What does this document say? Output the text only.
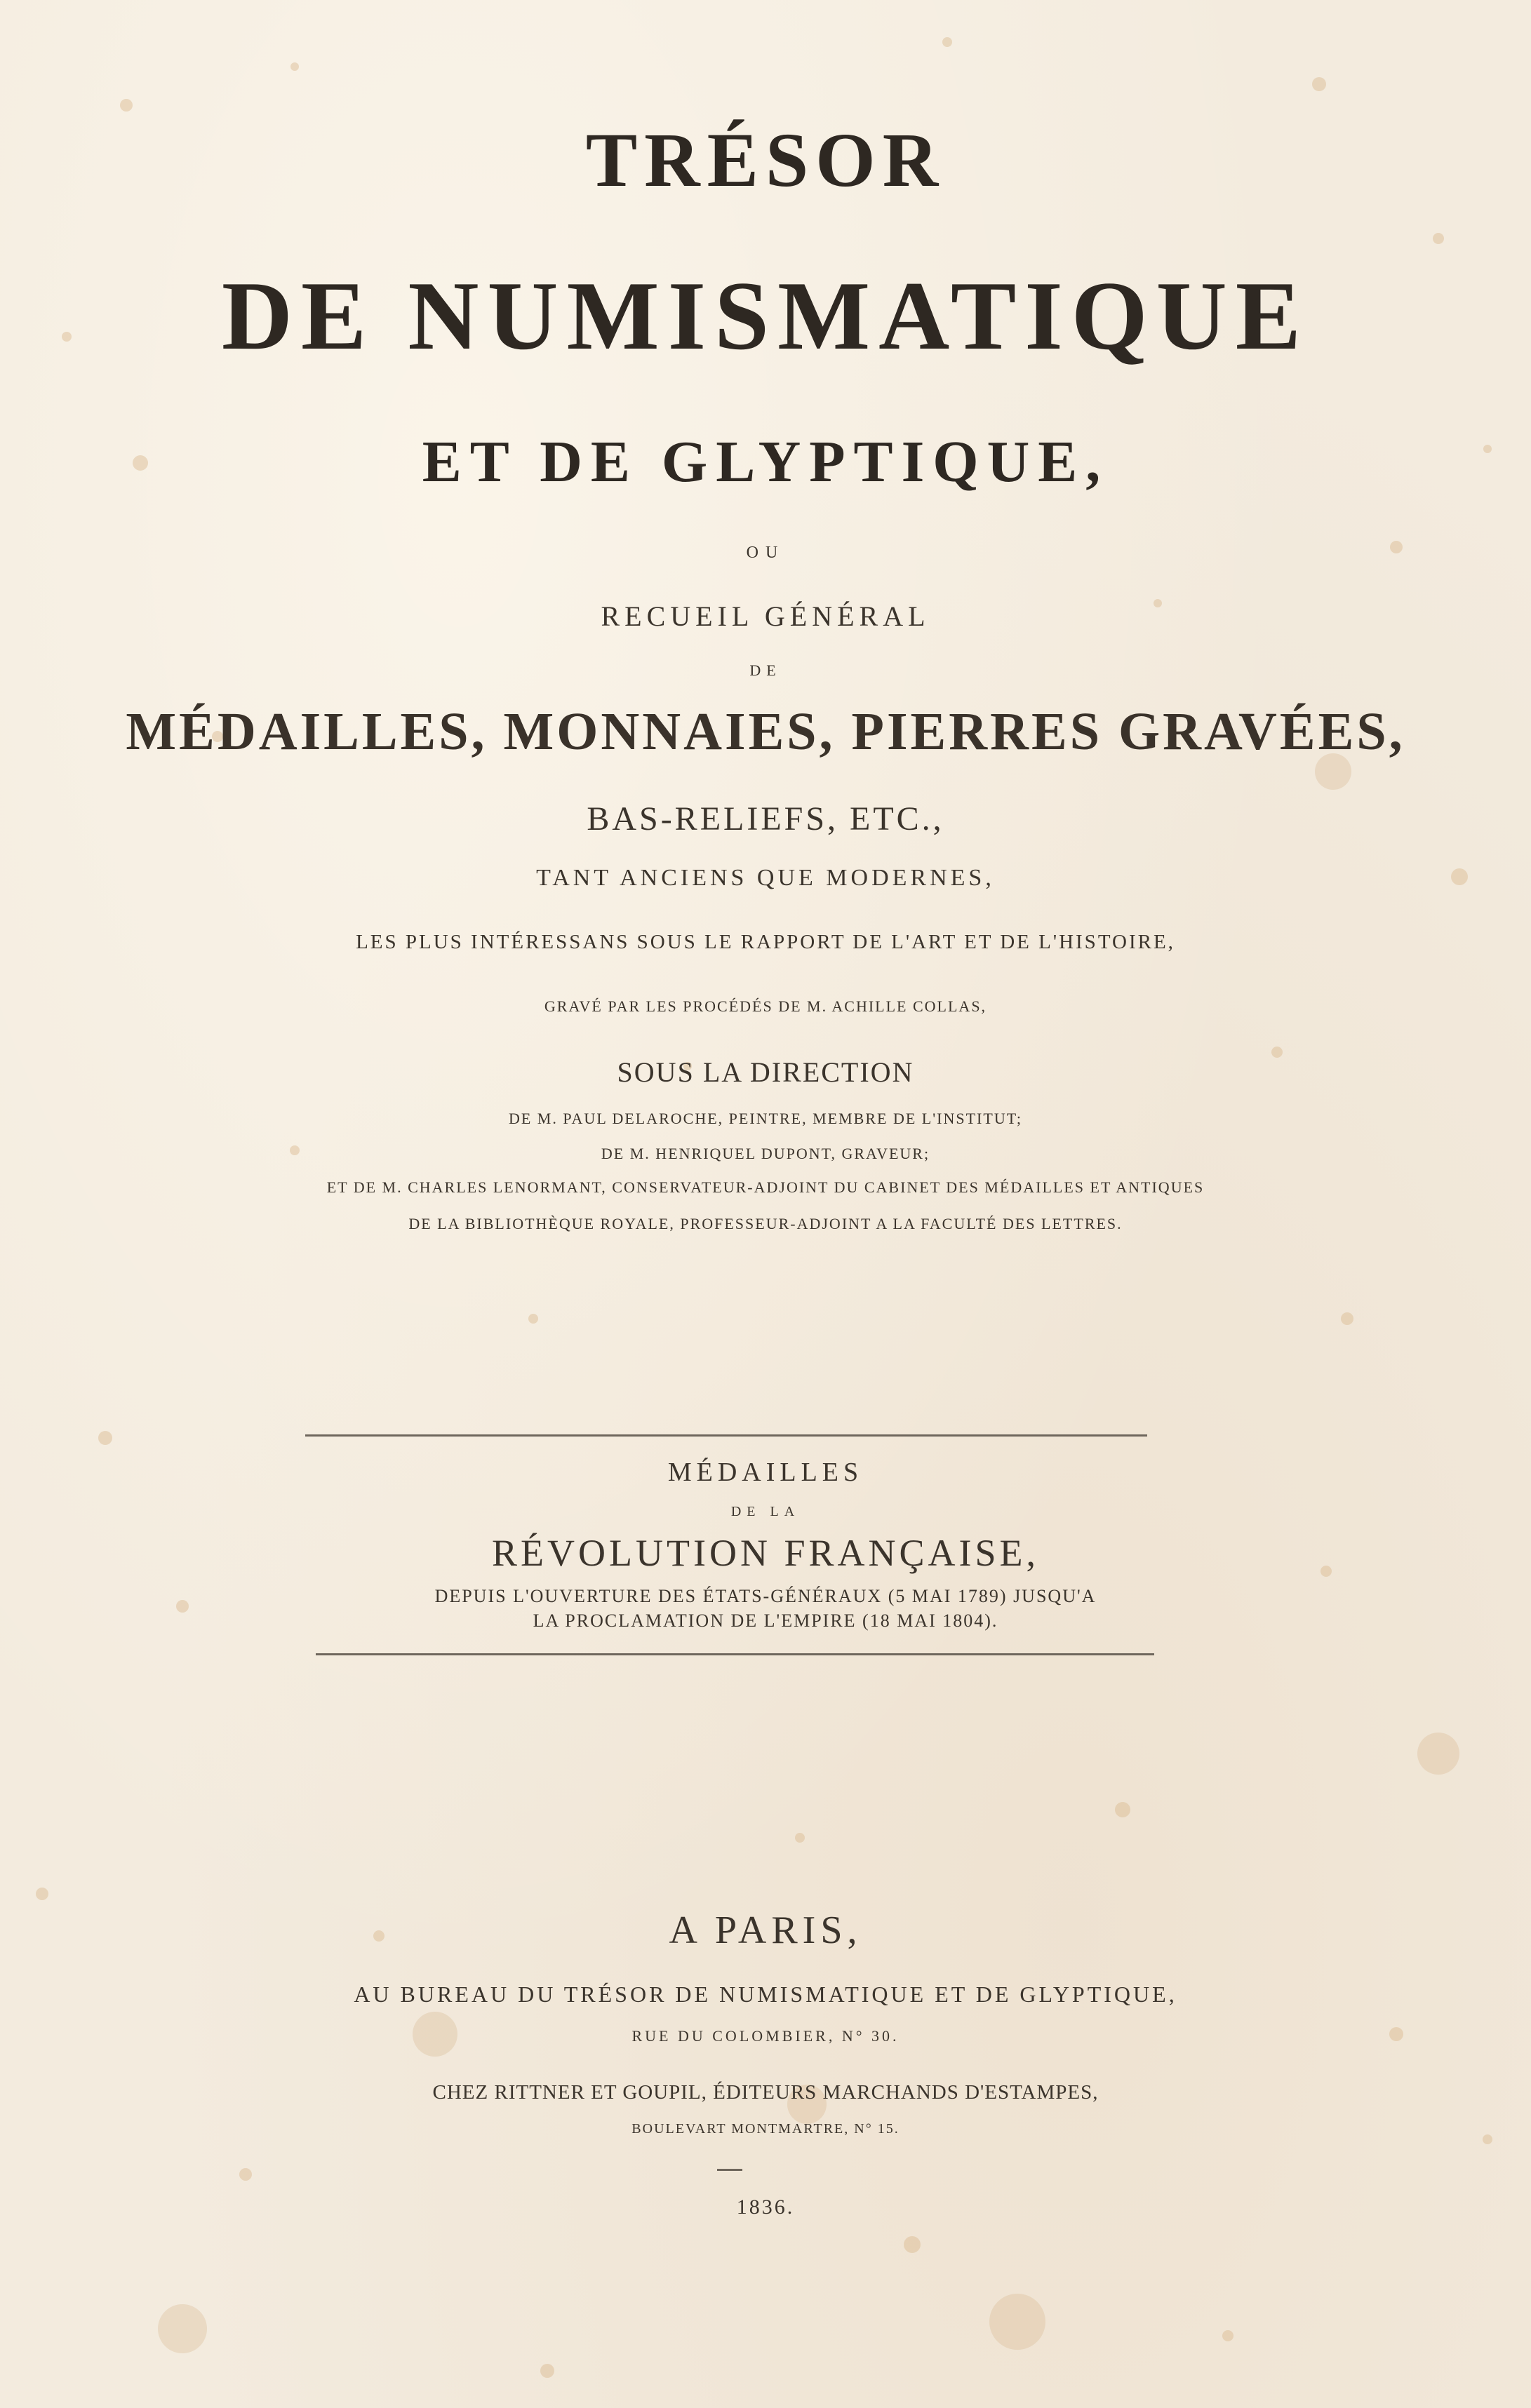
TRÉSOR
DE NUMISMATIQUE
ET DE GLYPTIQUE,
OU
RECUEIL GÉNÉRAL
DE
MÉDAILLES, MONNAIES, PIERRES GRAVÉES,
BAS-RELIEFS, ETC.,
TANT ANCIENS QUE MODERNES,
LES PLUS INTÉRESSANS SOUS LE RAPPORT DE L'ART ET DE L'HISTOIRE,
GRAVÉ PAR LES PROCÉDÉS DE M. ACHILLE COLLAS,
SOUS LA DIRECTION
DE M. PAUL DELAROCHE, PEINTRE, MEMBRE DE L'INSTITUT;
DE M. HENRIQUEL DUPONT, GRAVEUR;
ET DE M. CHARLES LENORMANT, CONSERVATEUR-ADJOINT DU CABINET DES MÉDAILLES ET ANTIQUES
DE LA BIBLIOTHÈQUE ROYALE, PROFESSEUR-ADJOINT A LA FACULTÉ DES LETTRES.
MÉDAILLES
DE LA
RÉVOLUTION FRANÇAISE,
DEPUIS L'OUVERTURE DES ÉTATS-GÉNÉRAUX (5 MAI 1789) JUSQU'A
LA PROCLAMATION DE L'EMPIRE (18 MAI 1804).
A PARIS,
AU BUREAU DU TRÉSOR DE NUMISMATIQUE ET DE GLYPTIQUE,
RUE DU COLOMBIER, N° 30.
CHEZ RITTNER ET GOUPIL, ÉDITEURS MARCHANDS D'ESTAMPES,
BOULEVART MONTMARTRE, N° 15.
1836.
